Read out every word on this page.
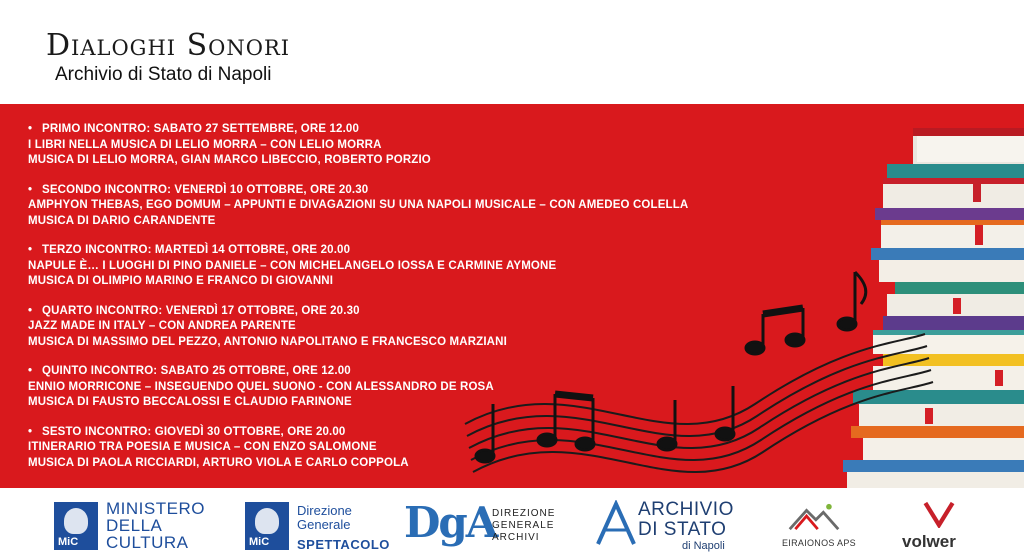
Dialoghi Sonori
Archivio di Stato di Napoli

• PRIMO INCONTRO: SABATO 27 SETTEMBRE, ORE 12.00

I LIBRI NELLA MUSICA DI LELIO MORRA – CON LELIO MORRA

MUSICA DI LELIO MORRA, GIAN MARCO LIBECCIO, ROBERTO PORZIO

• SECONDO INCONTRO: VENERDÌ 10 OTTOBRE, ORE 20.30

AMPHYON THEBAS, EGO DOMUM – APPUNTI E DIVAGAZIONI SU UNA NAPOLI MUSICALE – CON AMEDEO COLELLA

MUSICA DI DARIO CARANDENTE

• TERZO INCONTRO: MARTEDÌ 14 OTTOBRE, ORE 20.00

NAPULE È… I LUOGHI DI PINO DANIELE – CON MICHELANGELO IOSSA E CARMINE AYMONE

MUSICA DI OLIMPIO MARINO E FRANCO DI GIOVANNI

• QUARTO INCONTRO: VENERDÌ 17 OTTOBRE, ORE 20.30

JAZZ MADE IN ITALY – CON ANDREA PARENTE

MUSICA DI MASSIMO DEL PEZZO, ANTONIO NAPOLITANO E FRANCESCO MARZIANI

• QUINTO INCONTRO: SABATO 25 OTTOBRE, ORE 12.00

ENNIO MORRICONE – INSEGUENDO QUEL SUONO - CON ALESSANDRO DE ROSA

MUSICA DI FAUSTO BECCALOSSI E CLAUDIO FARINONE

• SESTO INCONTRO: GIOVEDÌ 30 OTTOBRE, ORE 20.00

ITINERARIO TRA POESIA E MUSICA – CON ENZO SALOMONE

MUSICA DI PAOLA RICCIARDI, ARTURO VIOLA E CARLO COPPOLA

MiC
MINISTERO
DELLA
CULTURA	MiC
Direzione
Generale
SPETTACOLO DgA
DIREZIONE
GENERALE
ARCHIVI
ARCHIVIO
DI STATO
di Napoli	EIRAIONOS APS	volwer
